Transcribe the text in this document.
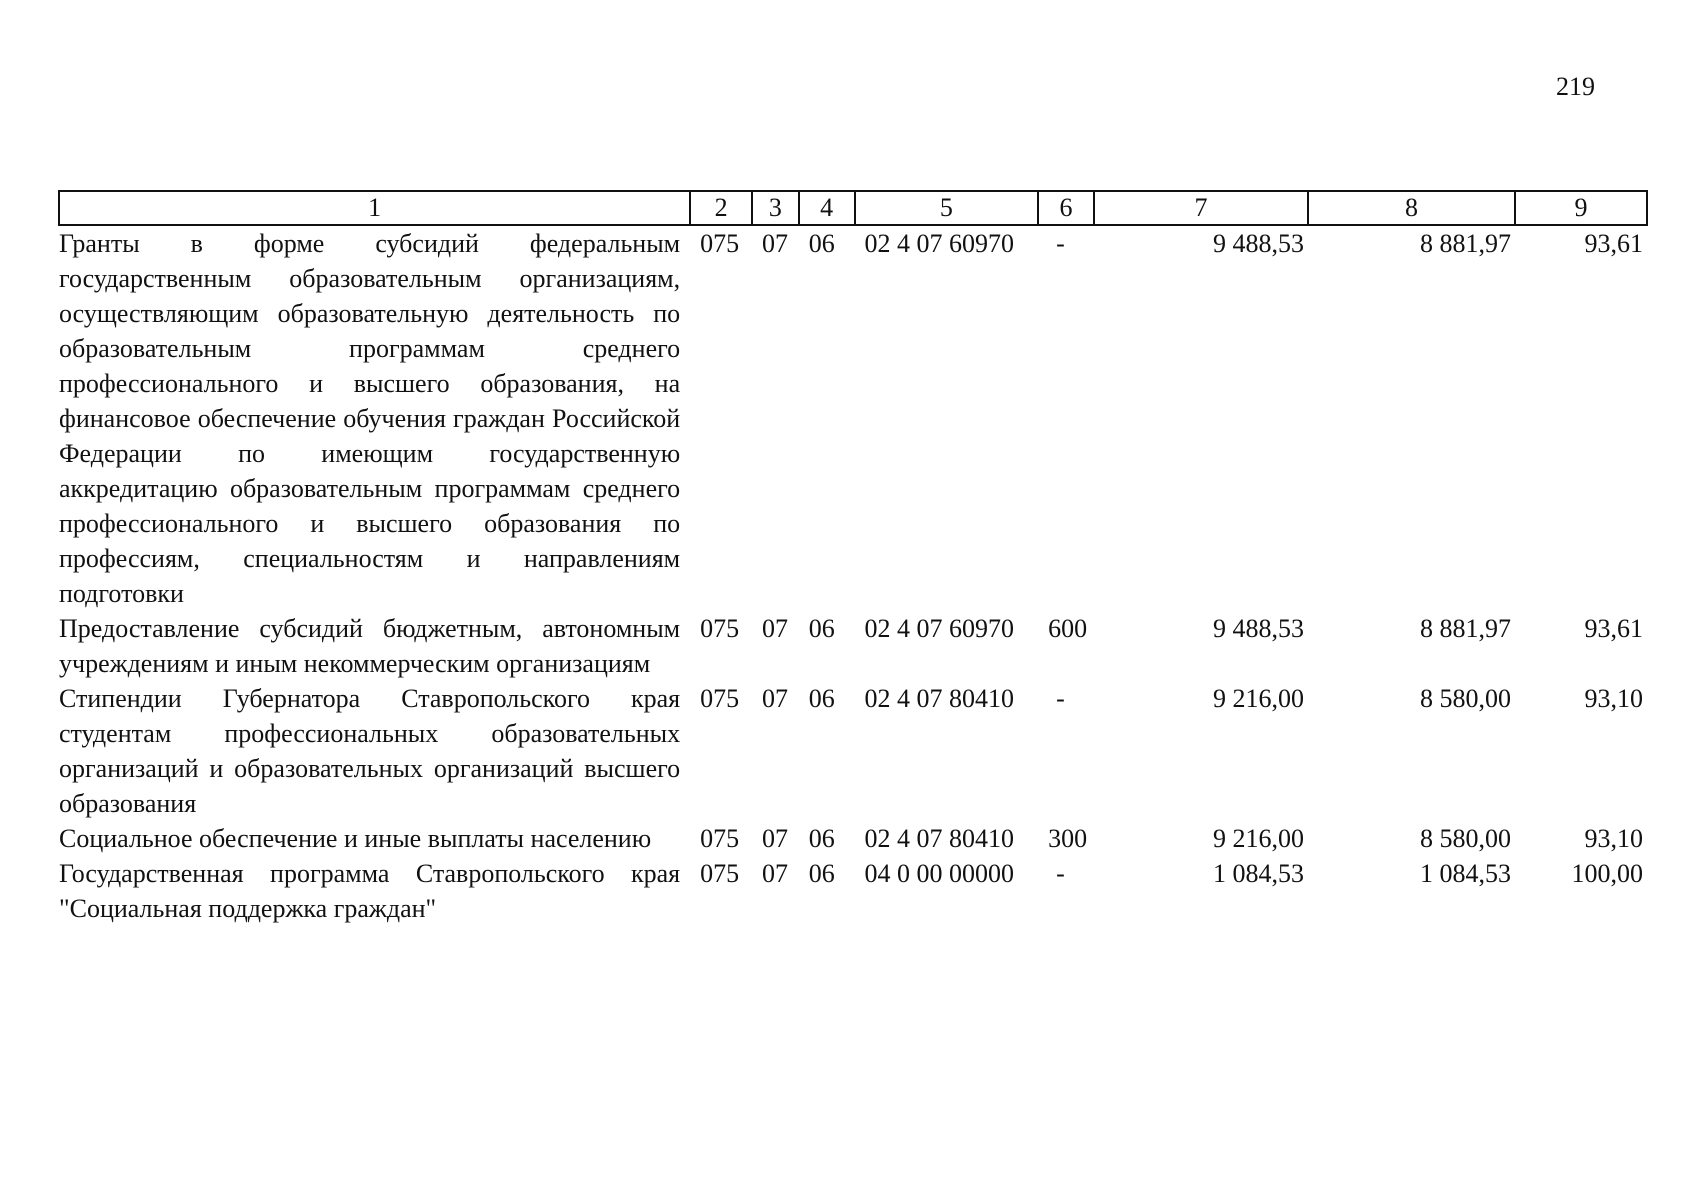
219
1	2	3	4	5	6	7	8	9
Гранты в форме субсидий федеральным государственным образовательным организациям, осуществляющим образовательную деятельность по образовательным программам среднего профессионального и высшего образования, на финансовое обеспечение обучения граждан Российской Федерации по имеющим государственную аккредитацию образовательным программам среднего профессионального и высшего образования по профессиям, специальностям и направлениям подготовки	075	07	06	02 4 07 60970	-	9 488,53	8 881,97	93,61
Предоставление субсидий бюджетным, автономным учреждениям и иным некоммерческим организациям	075	07	06	02 4 07 60970	600	9 488,53	8 881,97	93,61
Стипендии Губернатора Ставропольского края студентам профессиональных образовательных организаций и образовательных организаций высшего образования	075	07	06	02 4 07 80410	-	9 216,00	8 580,00	93,10
Социальное обеспечение и иные выплаты населению	075	07	06	02 4 07 80410	300	9 216,00	8 580,00	93,10
Государственная программа Ставропольского края "Социальная поддержка граждан"	075	07	06	04 0 00 00000	-	1 084,53	1 084,53	100,00
